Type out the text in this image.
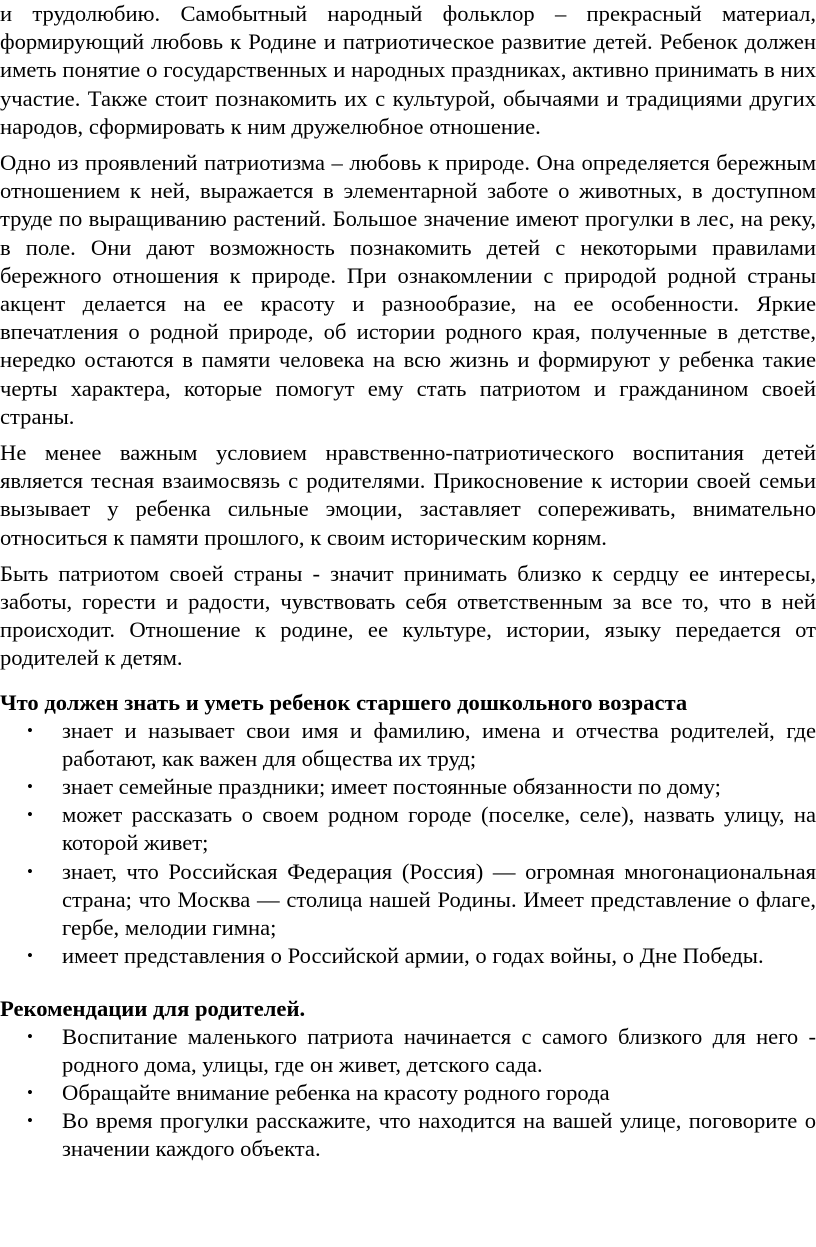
и трудолюбию. Самобытный народный фольклор – прекрасный материал, формирующий любовь к Родине и патриотическое развитие детей. Ребенок должен иметь понятие о государственных и народных праздниках, активно принимать в них участие. Также стоит познакомить их с культурой, обычаями и традициями других народов, сформировать к ним дружелюбное отношение.

Одно из проявлений патриотизма – любовь к природе. Она определяется бережным отношением к ней, выражается в элементарной заботе о животных, в доступном труде по выращиванию растений. Большое значение имеют прогулки в лес, на реку, в поле. Они дают возможность познакомить детей с некоторыми правилами бережного отношения к природе. При ознакомлении с природой родной страны акцент делается на ее красоту и разнообразие, на ее особенности. Яркие впечатления о родной природе, об истории родного края, полученные в детстве, нередко остаются в памяти человека на всю жизнь и формируют у ребенка такие черты характера, которые помогут ему стать патриотом и гражданином своей страны.

Не менее важным условием нравственно-патриотического воспитания детей является тесная взаимосвязь с родителями. Прикосновение к истории своей семьи вызывает у ребенка сильные эмоции, заставляет сопереживать, внимательно относиться к памяти прошлого, к своим историческим корням.

Быть патриотом своей страны - значит принимать близко к сердцу ее интересы, заботы, горести и радости, чувствовать себя ответственным за все то, что в ней происходит. Отношение к родине, ее культуре, истории, языку передается от родителей к детям.

Что должен знать и уметь ребенок старшего дошкольного возраста
• знает и называет свои имя и фамилию, имена и отчества родителей, где работают, как важен для общества их труд;
• знает семейные праздники; имеет постоянные обязанности по дому;
• может рассказать о своем родном городе (поселке, селе), назвать улицу, на которой живет;
• знает, что Российская Федерация (Россия) — огромная многонациональная страна; что Москва — столица нашей Родины. Имеет представление о флаге, гербе, мелодии гимна;
• имеет представления о Российской армии, о годах войны, о Дне Победы.
Рекомендации для родителей.
• Воспитание маленького патриота начинается с самого близкого для него - родного дома, улицы, где он живет, детского сада.
• Обращайте внимание ребенка на красоту родного города
• Во время прогулки расскажите, что находится на вашей улице, поговорите о значении каждого объекта.
